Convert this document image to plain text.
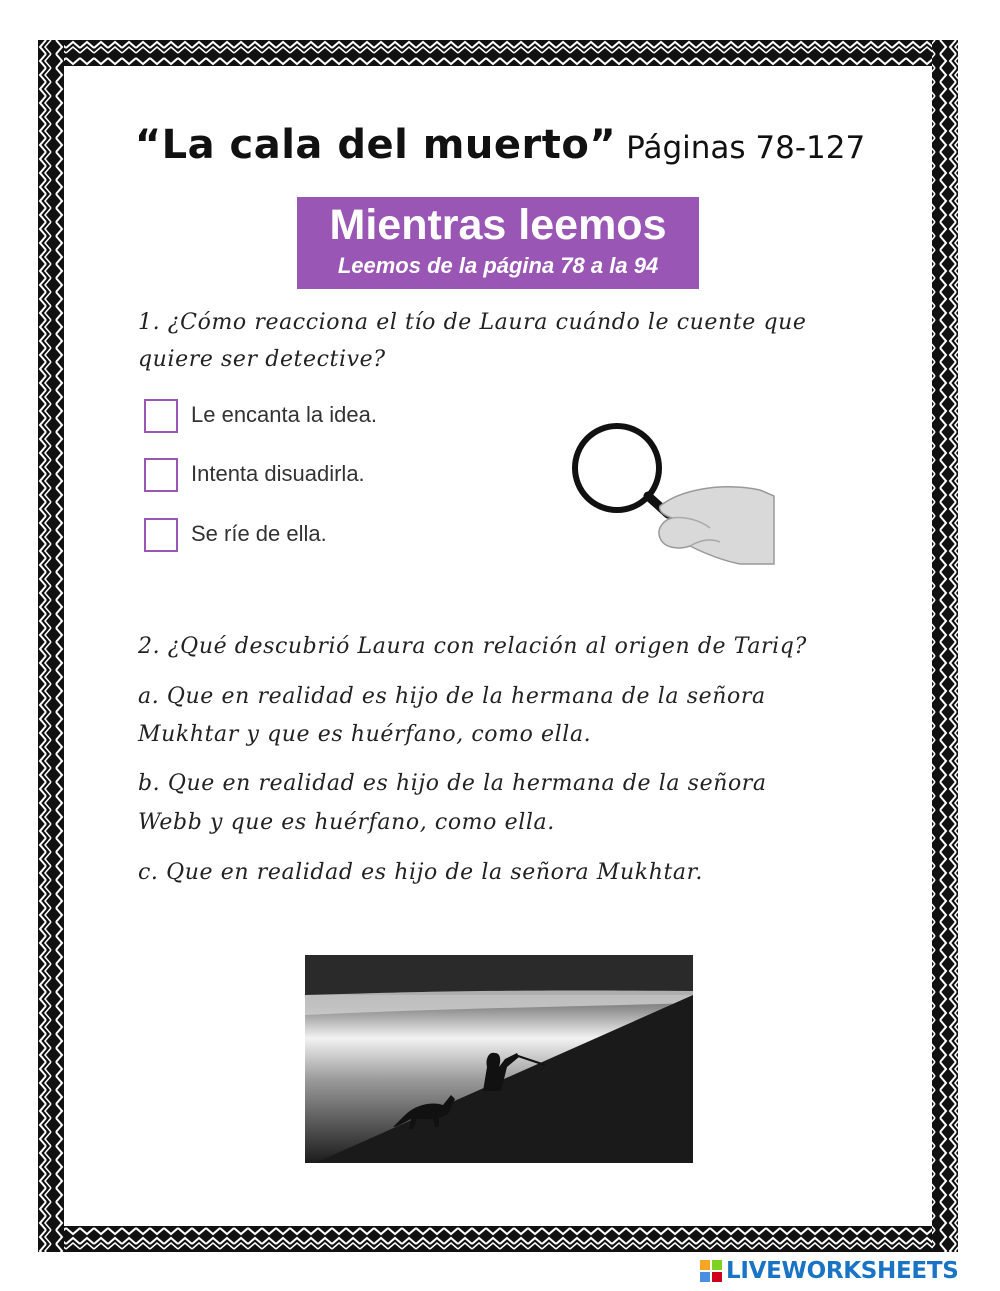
“La cala del muerto” Páginas 78-127
Mientras leemos
Leemos de la página 78 a la 94
1. ¿Cómo reacciona el tío de Laura cuándo le cuente que
quiere ser detective?
Le encanta la idea.
Intenta disuadirla.
Se ríe de ella.
2. ¿Qué descubrió Laura con relación al origen de Tariq?
a. Que en realidad es hijo de la hermana de la señora
Mukhtar y que es huérfano, como ella.
b. Que en realidad es hijo de la hermana de la señora
Webb y que es huérfano, como ella.
c. Que en realidad es hijo de la señora Mukhtar.
LIVEWORKSHEETS
